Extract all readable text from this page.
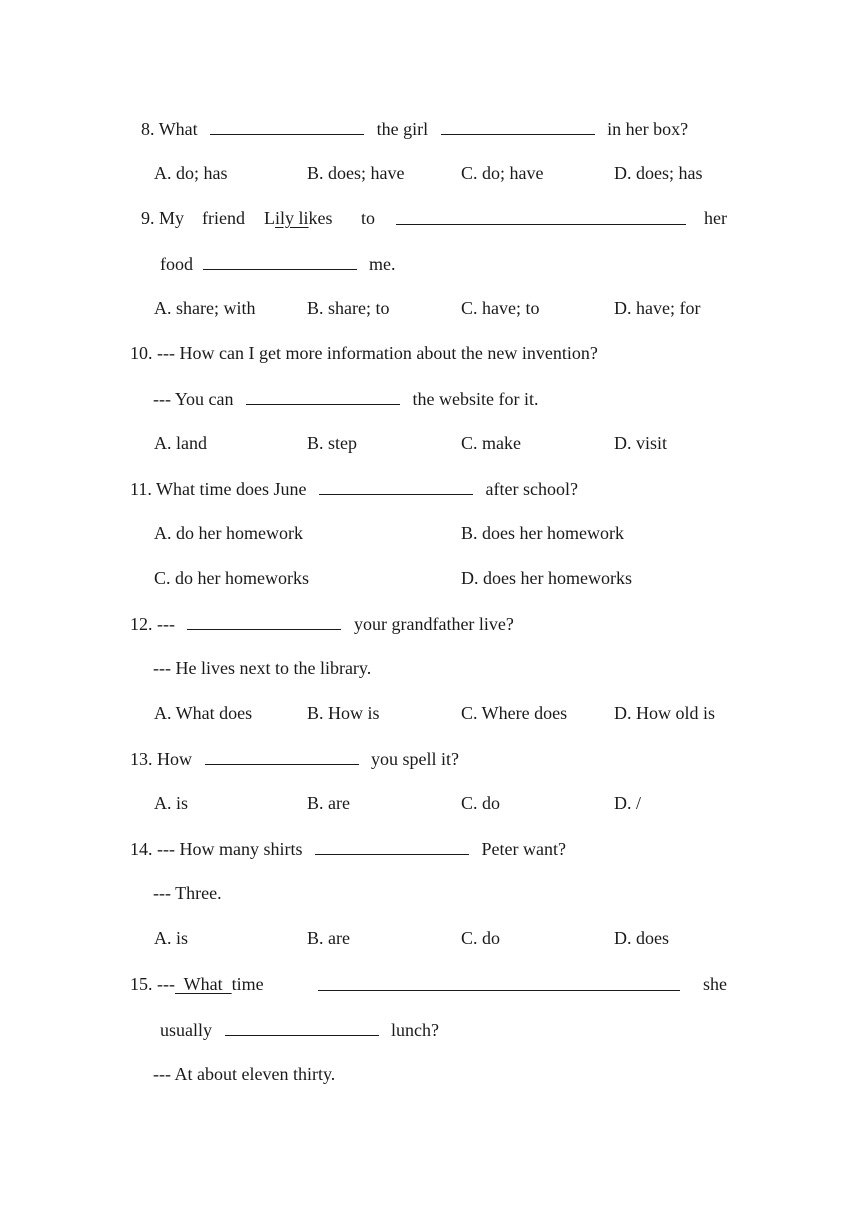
8. What	the girl	in her box?
A. do; has	B. does; have	C. do; have	D. does; has
9. My friend Lily likes to	her
food	me.
A. share; with	B. share; to	C. have; to	D. have; for
10. --- How can I get more information about the new invention?
--- You can	the website for it.
A. land	B. step	C. make	D. visit
11. What time does June	after school?
A. do her homework	B. does her homework
C. do her homeworks	D. does her homeworks
12. ---	your grandfather live?
--- He lives next to the library.
A. What does	B. How is	C. Where does	D. How old is
13. How	you spell it?
A. is	B. are	C. do	D. /
14. --- How many shirts	Peter want?
--- Three.
A. is	B. are	C. do	D. does
15. ---  What  time	she
usually	lunch?
--- At about eleven thirty.
